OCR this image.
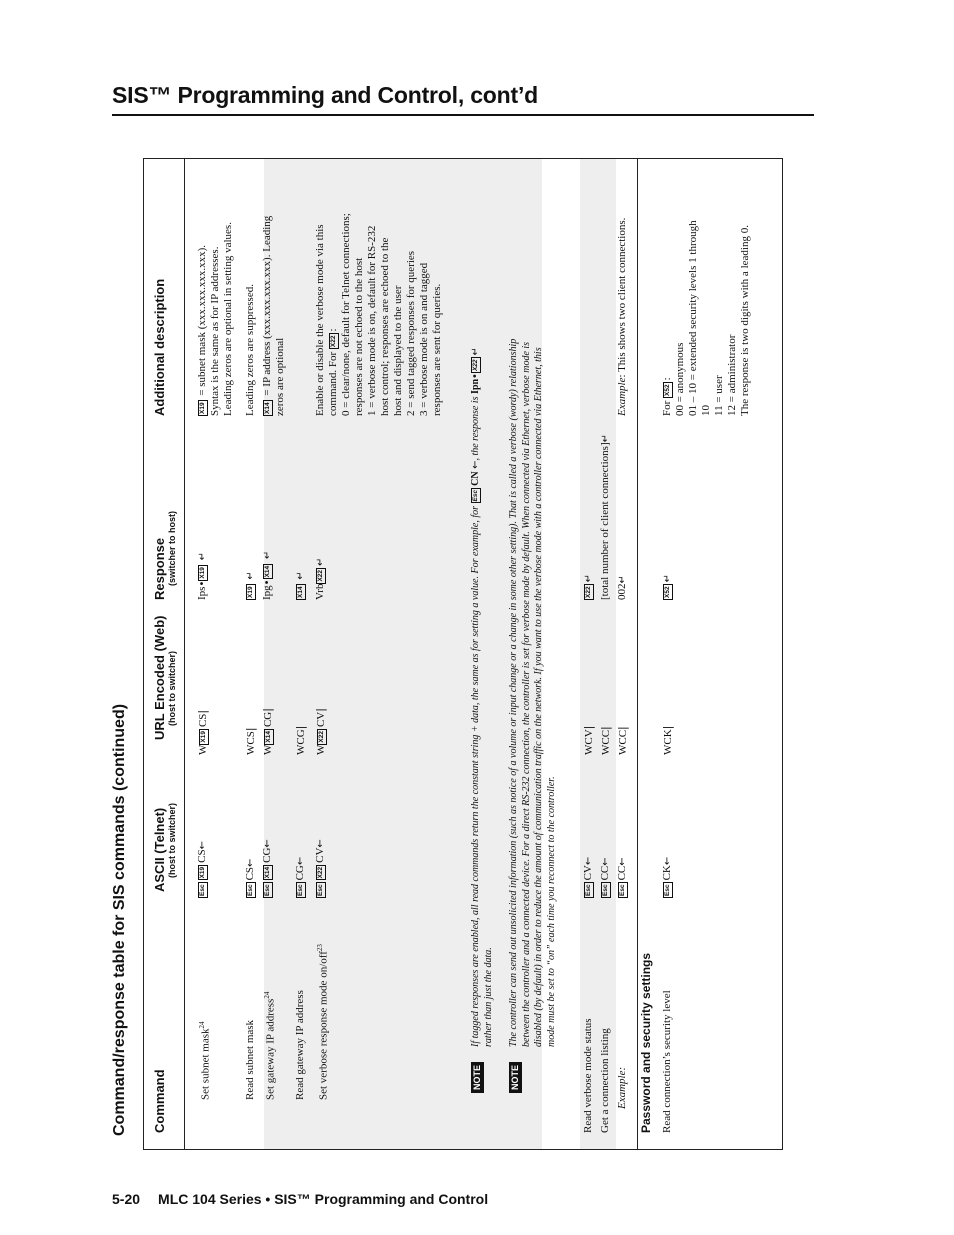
SIS™ Programming and Control, cont’d
Command/response table for SIS commands (continued) Command
ASCII (Telnet) (host to switcher)
URL Encoded (Web) (host to switcher)
Response (switcher to host)
Additional description
Set subnet mask$^{24}$
EscX19CS←
WX19CS|
Ips•X19 ↵
X19 = subnet mask (xxx.xxx.xxx.xxx). Syntax is the same as for IP addresses. Leading zeros are optional in setting values.
Read subnet mask
EscCS←
WCS|
X19 ↵
Leading zeros are suppressed.
Set gateway IP address$^{24}$
EscX14CG←
WX14CG|
Ipg•X14 ↵
X14 = IP address (xxx.xxx.xxx.xxx). Leading zeros are optional
Read gateway IP address
EscCG←
WCG|
X14 ↵
Set verbose response mode on/off$^{23}$
EscX22CV←
WX22CV|
VrbX22↵
Enable or disable the verbose mode via this command. For X22: 0 = clear/none, default for Telnet connections; responses are not echoed to the host 1 = verbose mode is on, default for RS-232 host control; responses are echoed to the host and displayed to the user 2 = send tagged responses for queries 3 = verbose mode is on and tagged responses are sent for queries.
NOTE
If tagged responses are enabled, all read commands return the constant string + data, the same as for setting a value. For example, for EscCN ←, the response is Ipn•X22↵
rather than just the data.
NOTE
The controller can send out unsolicited information (such as notice of a volume or input change or a change in some other setting). That is called a verbose (wordy) relationship between the controller and a connected device. For a direct RS-232 connection, the controller is set for verbose mode by default. When connected via Ethernet, verbose mode is disabled (by default) in order to reduce the amount of communication traffic on the network. If you want to use the verbose mode with a controller connected via Ethernet, this mode must be set to “on” each time you reconnect to the controller.
Read verbose mode status
EscCV←
WCV|
X22↵
Get a connection listing
EscCC←
WCC|
[total number of client connections]↵
Example:
EscCC←
WCC|
002↵
Example: This shows two client connections.
Password and security settings Read connection’s security level
EscCK←
WCK|
X52↵
For X52: 00 = anonymous 01 – 10 = extended security levels 1 through 10 11 = user 12 = administrator The response is two digits with a leading 0.
5-20 MLC 104 Series • SIS™ Programming and Control
